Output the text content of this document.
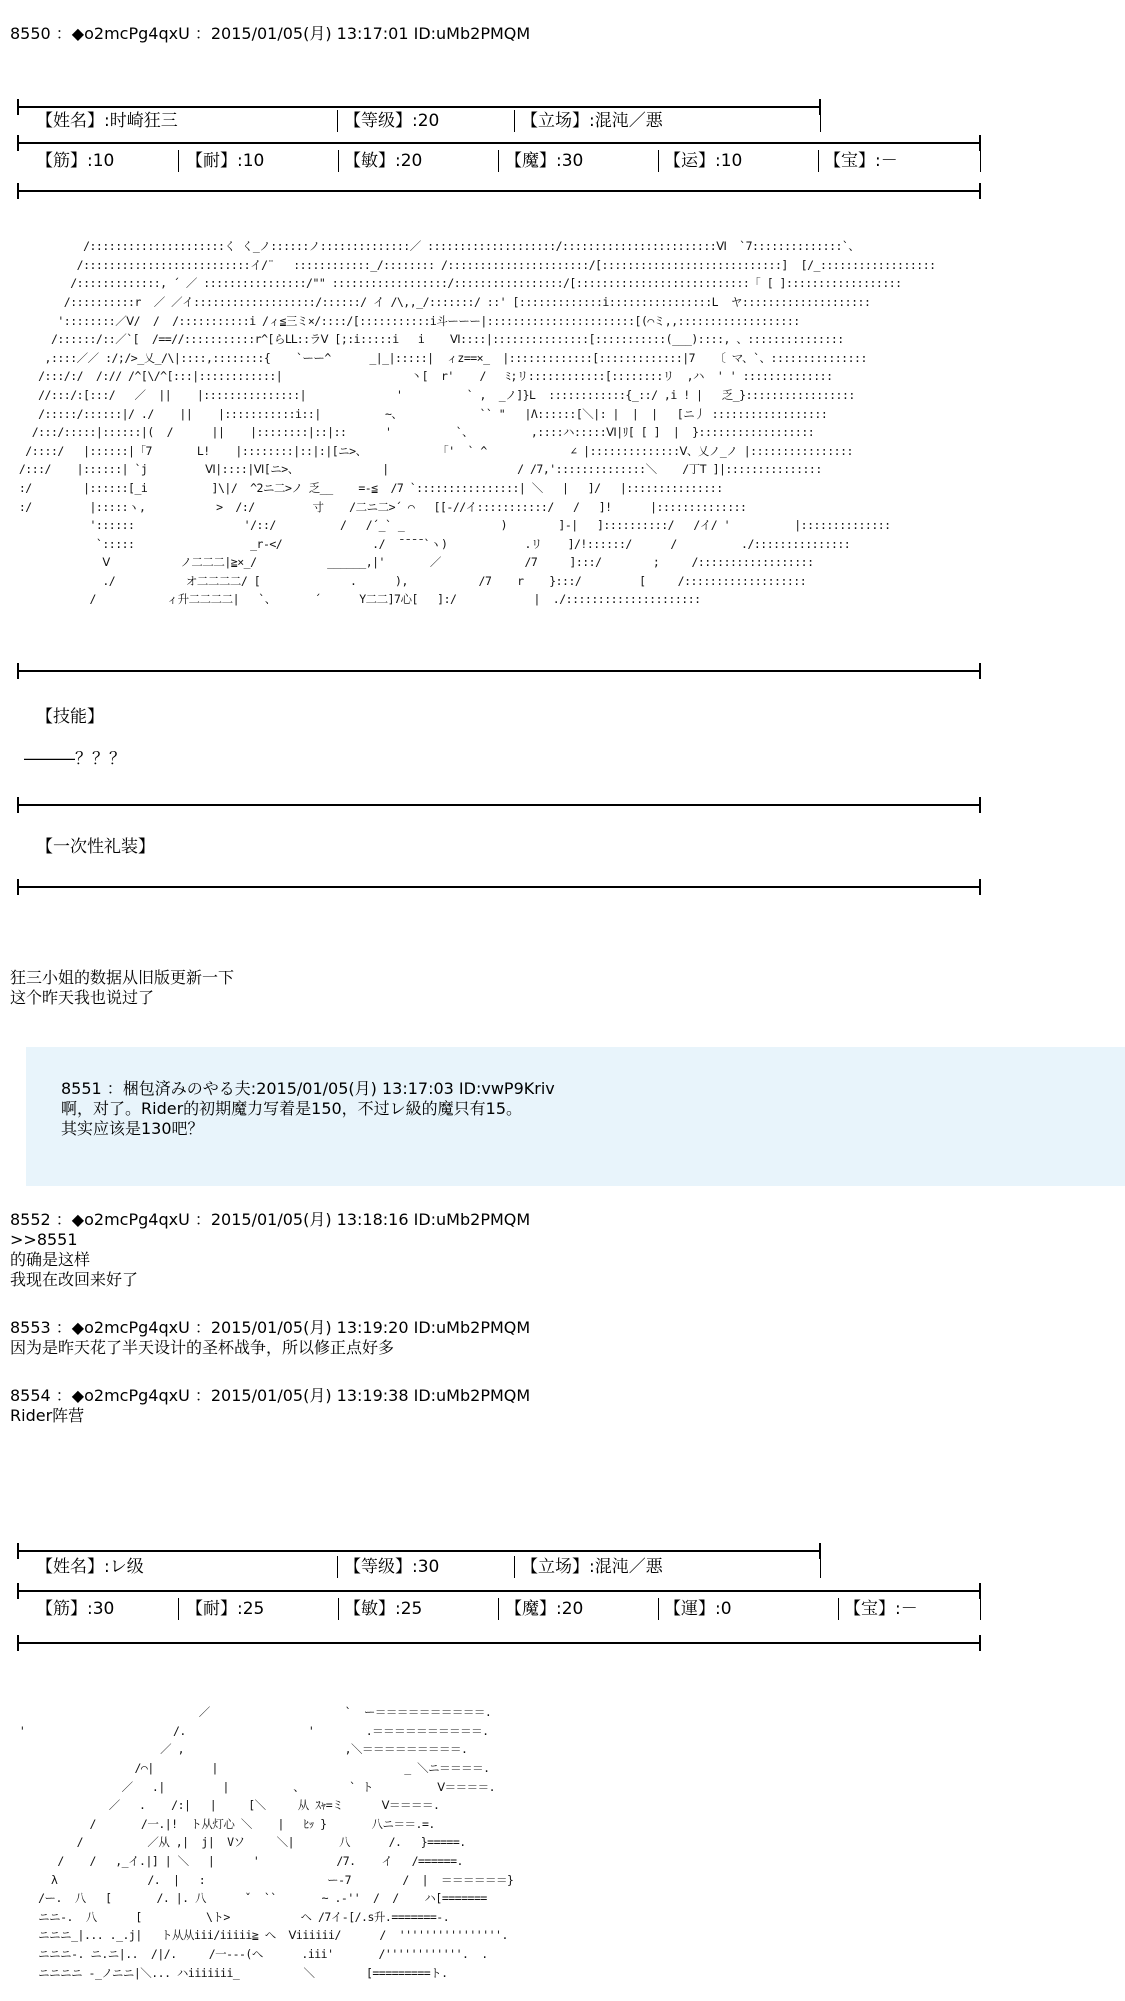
8550 ：◆o2mcPg4qxU ：2015/01/05(月) 13:17:01 ID:uMb2PMQM
【姓名】:时崎狂三	【等级】:20	【立场】:混沌／悪
【筋】:10	【耐】:10	【敏】:20	【魔】:30	【运】:10	【宝】:－

/:::::::::::::::::::::く く_ノ::::::ノ::::::::::::::／ ::::::::::::::::::::/::::::::::::::::::::::::Ⅵ  `7::::::::::::::`、
/::::::::::::::::::::::::::イ/¨   ::::::::::::_/:::::::: /::::::::::::::::::::::/[::::::::::::::::::::::::::::]  [/_::::::::::::::::::
/:::::::::::::, ´ ／ ::::::::::::::::/"" ::::::::::::::::::/:::::::::::::::::/[:::::::::::::::::::::::::::「 [ ]::::::::::::::::::
/::::::::::r  ／ ／イ:::::::::::::::::::/::::::/ イ /\,,_/:::::::/ ::' [:::::::::::::i::::::::::::::::L  ヤ::::::::::::::::::::
'::::::::／Ⅴ/  /  /:::::::::::i /ィ≦三ミ×/::::/[:::::::::::i斗ーーー|:::::::::::::::::::::::[(⌒ミ,,:::::::::::::::::::
/::::::/::／`[  /==//:::::::::::r^[らⅬⅬ::ラⅤ [;:i:::::i   i    Ⅵ::::|:::::::::::::::[:::::::::::(___)::::, 、:::::::::::::::
,::::／／ :/;/>_乂_/\|::::,::::::::{    `ーー^      _|_|:::::|  ィz==×_  |:::::::::::::[:::::::::::::|7   〔 マ、`、:::::::::::::::
/:::/:/  /:// /^[\/^[:::|::::::::::::|                    丶[  r'    /   ﾐ;リ::::::::::::[::::::::リ  ,ハ  ' ' ::::::::::::::
//:::/:[:::/   ／  ||    |:::::::::::::::|              '          ` ,  _ノ]}L  ::::::::::::{_::/ ,i ! |   乏_}:::::::::::::::::
/:::::/::::::|/ ./    ||    |:::::::::::i::|          ~、            `` "   |Λ::::::[＼|: |  |  |   [ニ丿 ::::::::::::::::::
/:::/:::::|::::::|(  /      ||    |::::::::|::|::      '          `、         ,::::ハ:::::Ⅵ|ﾘ[ [ ]  |  }::::::::::::::::::
/::::/   |::::::|「7       L!    |::::::::|::|:|[ニ>、           「'  ` ^             ∠ |::::::::::::::Ⅴ、乂ノ_ノ |::::::::::::::::
/:::/    |::::::| `j         Ⅵ|::::|Ⅵ[ニ>、             |                    / /7,'::::::::::::::＼    /丁T ]|:::::::::::::::
:/        |::::::[_i          ]\|/  ^2ニ二>ノ 乏__    =-≦  /7 `::::::::::::::::| ＼   |   ]/   |:::::::::::::::
:/         |:::::ヽ,           >  /:/         寸    /二ニ二>´ ⌒   [[-//イ:::::::::::/   /   ]!      |::::::::::::::
'::::::                 '/::/          /   /´_` _               )        ]-|   ]::::::::::/   /イ/ '          |::::::::::::::
`:::::                  _r-</              ./  ̄ ̄ ̄ ̄ `ヽ)            .リ    ]/!::::::/      /          ./:::::::::::::::
Ⅴ           ノ二二二|≧×_/           ______,|'       ／             /7     ]:::/        ;     /::::::::::::::::::
./           オ二二二二/ [              .      ),           /7    r    }:::/         [     /:::::::::::::::::::
/           ィ升二二二二|   `、      ´      Y二二]7心[   ]:/            |  ./:::::::::::::::::::::

【技能】
―――？？？
【一次性礼装】
狂三小姐的数据从旧版更新一下
这个昨天我也说过了
8551 ：梱包済みのやる夫:2015/01/05(月) 13:17:03 ID:vwP9Kriv
啊，对了。Rider的初期魔力写着是150，不过レ級的魔只有15。
其实应该是130吧？
8552 ：◆o2mcPg4qxU ：2015/01/05(月) 13:18:16 ID:uMb2PMQM
>>8551
的确是这样
我现在改回来好了
8553 ：◆o2mcPg4qxU ：2015/01/05(月) 13:19:20 ID:uMb2PMQM
因为是昨天花了半天设计的圣杯战争，所以修正点好多
8554 ：◆o2mcPg4qxU ：2015/01/05(月) 13:19:38 ID:uMb2PMQM
Rider阵营
【姓名】:レ级	【等级】:30	【立场】:混沌／悪
【筋】:30	【耐】:25	【敏】:25	【魔】:20	【運】:0	【宝】:－

／                     `  ー＝＝＝＝＝＝＝＝＝＝.
'                       /.                   '        .＝＝＝＝＝＝＝＝＝＝.
／ ,                         ,＼＝＝＝＝＝＝＝＝＝.
/⌒|         |                             _ ＼ニ＝＝＝＝.
／   .|         |          、       ` ト          Ⅴ＝＝＝＝.
／   .    /:|   |     [＼     从 ｽｬ=ミ      Ⅴ＝＝＝＝.
/       /一.|!  ト从灯心 ＼    |   ﾋｯ }       八ニ＝＝.=.
/          ／从 ,|  j|  Vソ     ＼|       八      /.   }=====.
/    /   ,_イ.|] | ＼   |      '            /7.    イ   /======.
λ              /.  |   :                   ー-7        /  |  ＝＝＝＝＝＝}
/ー.  八   [       /. |. 八      ˇ  ``       ~ .-''  /  /    ハ[=======
ニニ-.  八      [          \ト>           ヘ /7イ-[/.s升.=======-.
ニニニ_|... ._.j|   ト从从iii/iiiii≧ へ  Ⅴiiiiii/      /  ''''''''''''''''.
ニニニ-. ニ.ニ|..  /|/.     /一---(へ      .iii'       /''''''''''''.  .
ニニニニ -_ノニニ|＼... ハiiiiiii_          ＼        [=========ト.
